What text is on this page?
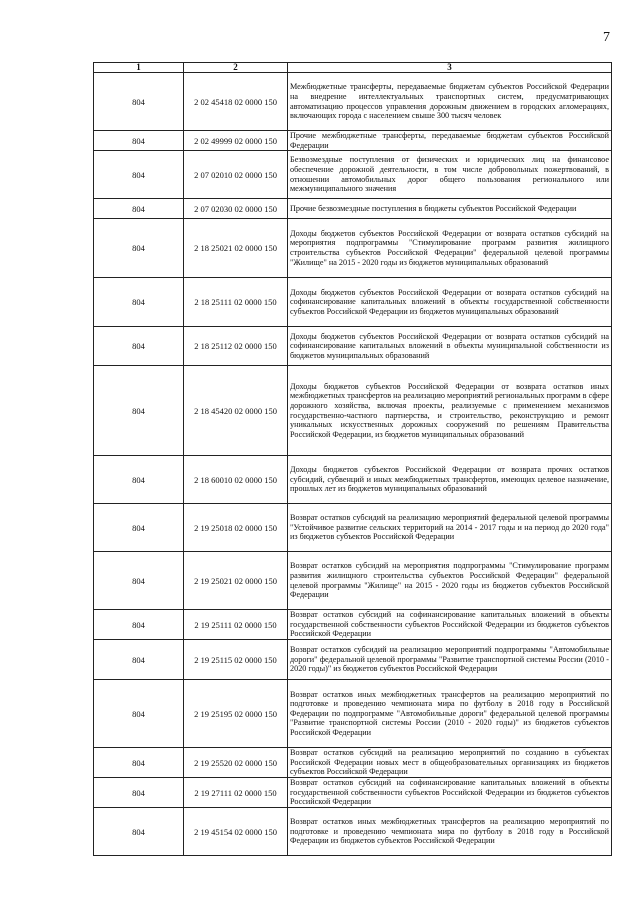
7
1	2	3
804	2 02 45418 02 0000 150	Межбюджетные трансферты, передаваемые бюджетам субъектов Российской Федерации на внедрение интеллектуальных транспортных систем, предусматривающих автоматизацию процессов управления дорожным движением в городских агломерациях, включающих города с населением свыше 300 тысяч человек

804	2 02 49999 02 0000 150	Прочие межбюджетные трансферты, передаваемые бюджетам субъектов Российской Федерации

804	2 07 02010 02 0000 150	Безвозмездные поступления от физических и юридических лиц на финансовое обеспечение дорожной деятельности, в том числе добровольных пожертвований, в отношении автомобильных дорог общего пользования регионального или межмуниципального значения

804	2 07 02030 02 0000 150	Прочие безвозмездные поступления в бюджеты субъектов Российской Федерации

804	2 18 25021 02 0000 150	Доходы бюджетов субъектов Российской Федерации от возврата остатков субсидий на мероприятия подпрограммы "Стимулирование программ развития жилищного строительства субъектов Российской Федерации" федеральной целевой программы "Жилище" на 2015 - 2020 годы из бюджетов муниципальных образований

804	2 18 25111 02 0000 150	Доходы бюджетов субъектов Российской Федерации от возврата остатков субсидий на софинансирование капитальных вложений в объекты государственной собственности субъектов Российской Федерации из бюджетов муниципальных образований

804	2 18 25112 02 0000 150	Доходы бюджетов субъектов Российской Федерации от возврата остатков субсидий на софинансирование капитальных вложений в объекты муниципальной собственности из бюджетов муниципальных образований

804	2 18 45420 02 0000 150	Доходы бюджетов субъектов Российской Федерации от возврата остатков иных межбюджетных трансфертов на реализацию мероприятий региональных программ в сфере дорожного хозяйства, включая проекты, реализуемые с применением механизмов государственно-частного партнерства, и строительство, реконструкцию и ремонт уникальных искусственных дорожных сооружений по решениям Правительства Российской Федерации, из бюджетов муниципальных образований

804	2 18 60010 02 0000 150	Доходы бюджетов субъектов Российской Федерации от возврата прочих остатков субсидий, субвенций и иных межбюджетных трансфертов, имеющих целевое назначение, прошлых лет из бюджетов муниципальных образований

804	2 19 25018 02 0000 150	Возврат остатков субсидий на реализацию мероприятий федеральной целевой программы "Устойчивое развитие сельских территорий на 2014 - 2017 годы и на период до 2020 года" из бюджетов субъектов Российской Федерации

804	2 19 25021 02 0000 150	Возврат остатков субсидий на мероприятия подпрограммы "Стимулирование программ развития жилищного строительства субъектов Российской Федерации" федеральной целевой программы "Жилище" на 2015 - 2020 годы из бюджетов субъектов Российской Федерации

804	2 19 25111 02 0000 150	Возврат остатков субсидий на софинансирование капитальных вложений в объекты государственной собственности субъектов Российской Федерации из бюджетов субъектов Российской Федерации

804	2 19 25115 02 0000 150	Возврат остатков субсидий на реализацию мероприятий подпрограммы "Автомобильные дороги" федеральной целевой программы "Развитие транспортной системы России (2010 - 2020 годы)" из бюджетов субъектов Российской Федерации

804	2 19 25195 02 0000 150	Возврат остатков иных межбюджетных трансфертов на реализацию мероприятий по подготовке и проведению чемпионата мира по футболу в 2018 году в Российской Федерации по подпрограмме "Автомобильные дороги" федеральной целевой программы "Развитие транспортной системы России (2010 - 2020 годы)" из бюджетов субъектов Российской Федерации

804	2 19 25520 02 0000 150	Возврат остатков субсидий на реализацию мероприятий по созданию в субъектах Российской Федерации новых мест в общеобразовательных организациях из бюджетов субъектов Российской Федерации

804	2 19 27111 02 0000 150	Возврат остатков субсидий на софинансирование капитальных вложений в объекты государственной собственности субъектов Российской Федерации из бюджетов субъектов Российской Федерации

804	2 19 45154 02 0000 150	Возврат остатков иных межбюджетных трансфертов на реализацию мероприятий по подготовке и проведению чемпионата мира по футболу в 2018 году в Российской Федерации из бюджетов субъектов Российской Федерации
